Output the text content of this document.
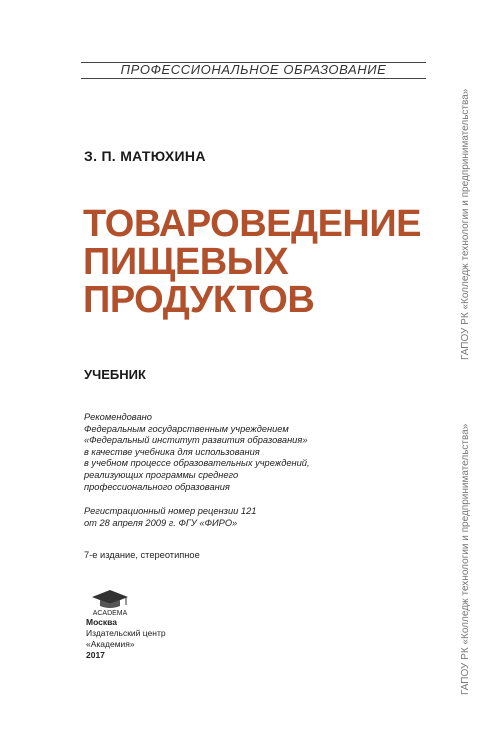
ПРОФЕССИОНАЛЬНОЕ ОБРАЗОВАНИЕ
З. П. МАТЮХИНА
ТОВАРОВЕДЕНИЕ
ПИЩЕВЫХ
ПРОДУКТОВ
УЧЕБНИК
Рекомендовано
Федеральным государственным учреждением
«Федеральный институт развития образования»
в качестве учебника для использования
в учебном процессе образовательных учреждений,
реализующих программы среднего
профессионального образования
Регистрационный номер рецензии 121
от 28 апреля 2009 г. ФГУ «ФИРО»
7-е издание, стереотипное
ACADEMA
Москва
Издательский центр
«Академия»
2017
ГАПОУ РК «Колледж технологии и предпринимательства»
ГАПОУ РК «Колледж технологии и предпринимательства»
